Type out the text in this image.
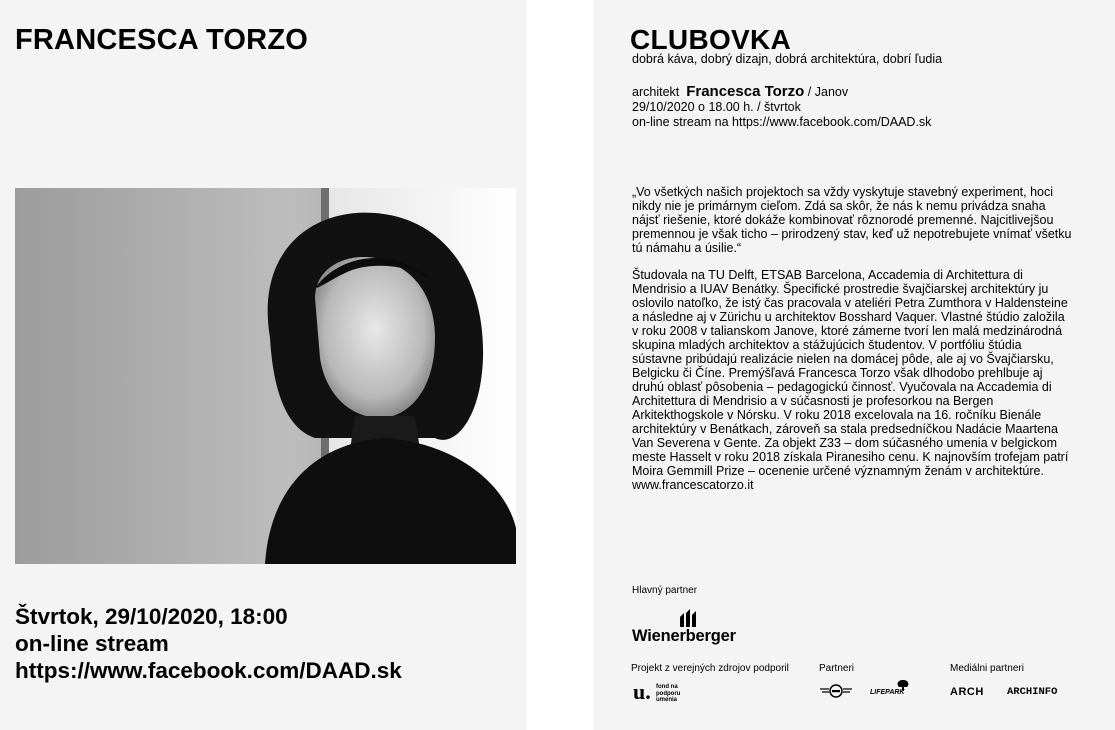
FRANCESCA TORZO
Štvrtok, 29/10/2020, 18:00
on-line stream
https://www.facebook.com/DAAD.sk
CLUBOVKA
dobrá káva, dobrý dizajn, dobrá architektúra, dobrí ľudia
architekt Francesca Torzo / Janov
29/10/2020 o 18.00 h. / štvrtok
on-line stream na https://www.facebook.com/DAAD.sk
„Vo všetkých našich projektoch sa vždy vyskytuje stavebný experiment, hoci nikdy nie je primárnym cieľom. Zdá sa skôr, že nás k nemu privádza snaha nájsť riešenie, ktoré dokáže kombinovať rôznorodé premenné. Najcitlivejšou premennou je však ticho – prirodzený stav, keď už nepotrebujete vnímať všetku tú námahu a úsilie.“
Študovala na TU Delft, ETSAB Barcelona, Accademia di Architettura di Mendrisio a IUAV Benátky. Špecifické prostredie švajčiarskej architektúry ju oslovilo natoľko, že istý čas pracovala v ateliéri Petra Zumthora v Haldensteine a následne aj v Zürichu u architektov Bosshard Vaquer. Vlastné štúdio založila v roku 2008 v talianskom Janove, ktoré zámerne tvorí len malá medzinárodná skupina mladých architektov a stážujúcich študentov. V portfóliu štúdia sústavne pribúdajú realizácie nielen na domácej pôde, ale aj vo Švajčiarsku, Belgicku či Číne. Premýšľavá Francesca Torzo však dlhodobo prehlbuje aj druhú oblasť pôsobenia – pedagogickú činnosť. Vyučovala na Accademia di Architettura di Mendrisio a v súčasnosti je profesorkou na Bergen Arkitekthogskole v Nórsku. V roku 2018 excelovala na 16. ročníku Bienále architektúry v Benátkach, zároveň sa stala predsedníčkou Nadácie Maartena Van Severena v Gente. Za objekt Z33 – dom súčasného umenia v belgickom meste Hasselt v roku 2018 získala Piranesiho cenu. K najnovším trofejam patrí Moira Gemmill Prize – ocenenie určené významným ženám v architektúre.
www.francescatorzo.it
Hlavný partner
Wienerberger
Projekt z verejných zdrojov podporil	Partneri	Mediálni partneri
u. fond na podporu umenia
LIFEPARK	ARCH ARCHINFO
